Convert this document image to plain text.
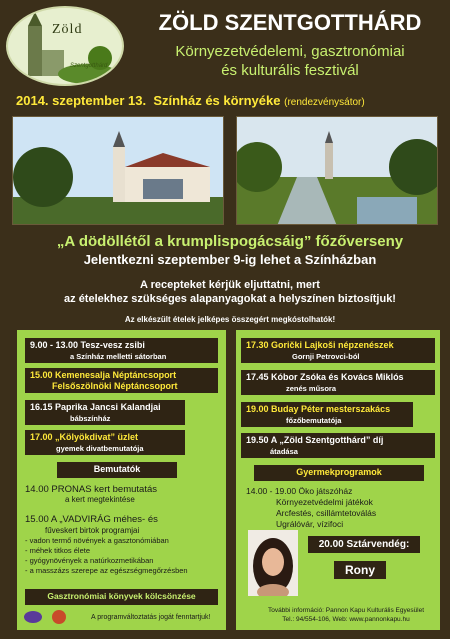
Zöld
Szentgotthárd
ZÖLD SZENTGOTTHÁRD
Környezetvédelemi, gasztronómiai
és kulturális fesztivál
2014. szeptember 13. Színház és környéke (rendezvénysátor)
„A dödöllétől a krumplispogácsáig” főzőverseny
Jelentkezni szeptember 9-ig lehet a Színházban
A recepteket kérjük eljuttatni, mert
az ételekhez szükséges alapanyagokat a helyszínen biztosítjuk!
Az elkészült ételek jelképes összegért megkóstolhatók!
9.00 - 13.00 Tesz-vesz zsibi
a Színház melletti sátorban
15.00 Kemenesalja Néptáncsoport
Felsőszölnöki Néptáncsoport
16.15 Paprika Jancsi Kalandjai
bábszínház
17.00 „Kölyökdivat” üzlet
gyemek divatbemutatója
Bemutatók
14.00 PRONAS kert bemutatás
a kert megtekintése
15.00 A „VADVIRÁG méhes- és
fűveskert birtok programjai
- vadon termő növények a gasztonómiában
- méhek titkos élete
- gyógynövények a natúrkozmetikában
- a masszázs szerepe az egészségmegőrzésben
Gasztronómiai könyvek kölcsönzése
A programváltoztatás jogát fenntartjuk!
17.30 Gorički Lajkoši népzenészek
Gornji Petrovci-ból
17.45 Kóbor Zsóka és Kovács Miklós
zenés műsora
19.00 Buday Péter mesterszakács
főzőbemutatója
19.50 A „Zöld Szentgotthárd” díj
átadása
Gyermekprogramok
14.00 - 19.00 Öko játszóház
Környezetvédelmi játékok
Arcfestés, csillámtetoválás
Ugrálóvár, vízifoci
20.00 Sztárvendég:
Rony
További információ: Pannon Kapu Kulturális Egyesület
Tel.: 94/554-106, Web: www.pannonkapu.hu
